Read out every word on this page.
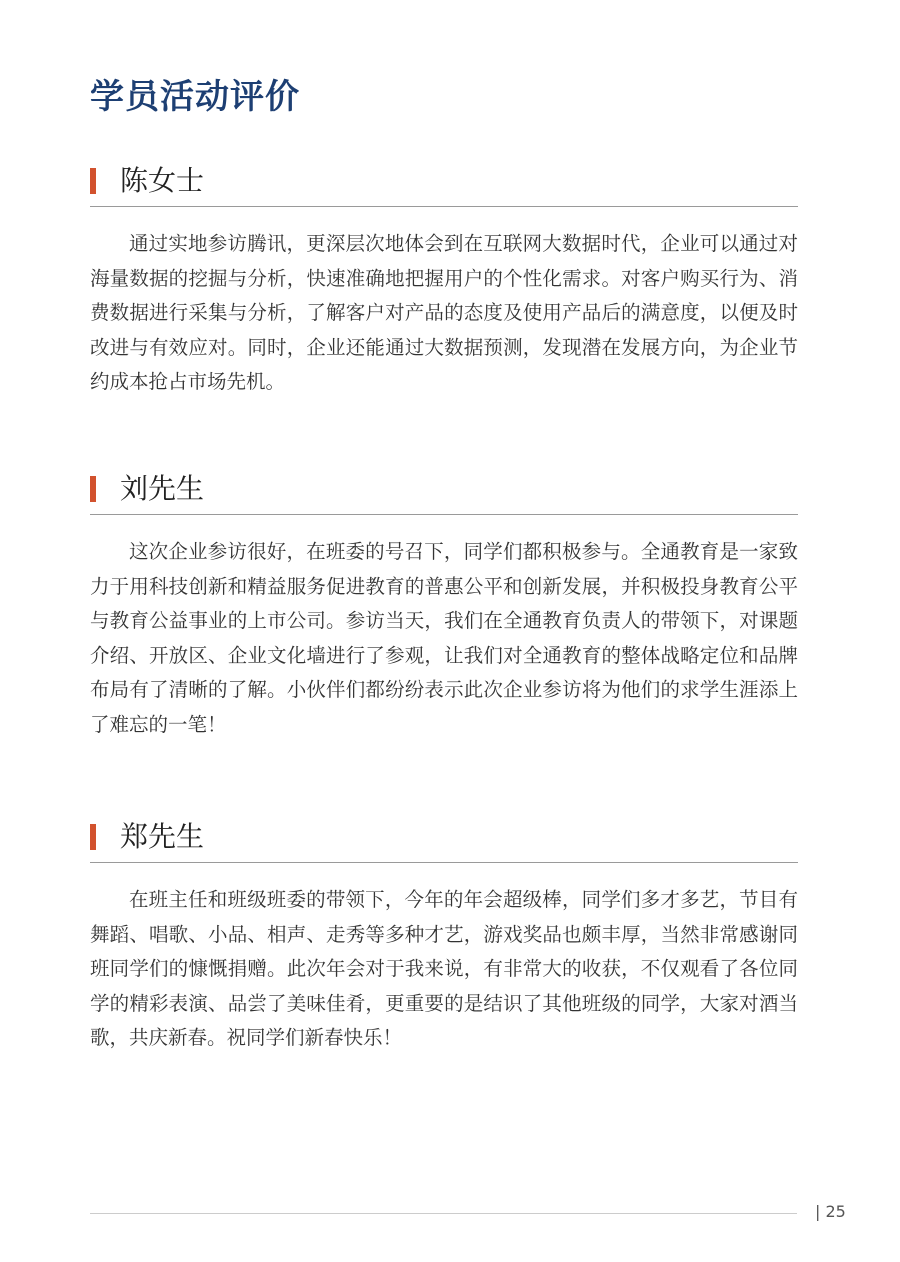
学员活动评价
陈女士

通过实地参访腾讯，更深层次地体会到在互联网大数据时代，企业可以通过对海量数据的挖掘与分析，快速准确地把握用户的个性化需求。对客户购买行为、消费数据进行采集与分析，了解客户对产品的态度及使用产品后的满意度，以便及时改进与有效应对。同时，企业还能通过大数据预测，发现潜在发展方向，为企业节约成本抢占市场先机。

刘先生

这次企业参访很好，在班委的号召下，同学们都积极参与。全通教育是一家致力于用科技创新和精益服务促进教育的普惠公平和创新发展，并积极投身教育公平与教育公益事业的上市公司。参访当天，我们在全通教育负责人的带领下，对课题介绍、开放区、企业文化墙进行了参观，让我们对全通教育的整体战略定位和品牌布局有了清晰的了解。小伙伴们都纷纷表示此次企业参访将为他们的求学生涯添上了难忘的一笔！

郑先生

在班主任和班级班委的带领下，今年的年会超级棒，同学们多才多艺，节目有舞蹈、唱歌、小品、相声、走秀等多种才艺，游戏奖品也颇丰厚，当然非常感谢同班同学们的慷慨捐赠。此次年会对于我来说，有非常大的收获，不仅观看了各位同学的精彩表演、品尝了美味佳肴，更重要的是结识了其他班级的同学，大家对酒当歌，共庆新春。祝同学们新春快乐！

| 25
